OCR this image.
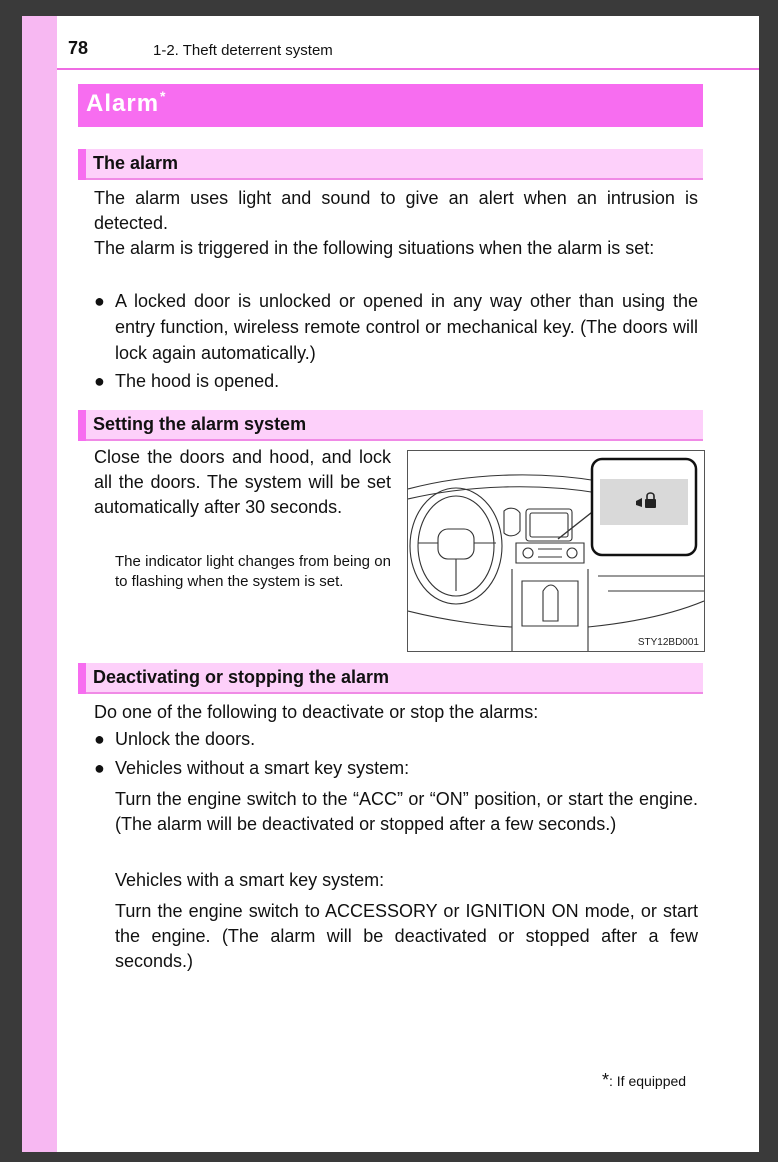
78	1-2. Theft deterrent system
Alarm*
The alarm
The alarm uses light and sound to give an alert when an intrusion is detected.
The alarm is triggered in the following situations when the alarm is set:
● A locked door is unlocked or opened in any way other than using the entry function, wireless remote control or mechanical key. (The doors will lock again automatically.)
● The hood is opened.
Setting the alarm system
Close the doors and hood, and lock all the doors. The system will be set automatically after 30 seconds.
The indicator light changes from being on to flashing when the system is set.
STY12BD001
Deactivating or stopping the alarm
Do one of the following to deactivate or stop the alarms:
● Unlock the doors.
● Vehicles without a smart key system:
Turn the engine switch to the “ACC” or “ON” position, or start the engine. (The alarm will be deactivated or stopped after a few seconds.)
Vehicles with a smart key system:
Turn the engine switch to ACCESSORY or IGNITION ON mode, or start the engine. (The alarm will be deactivated or stopped after a few seconds.)
*: If equipped
